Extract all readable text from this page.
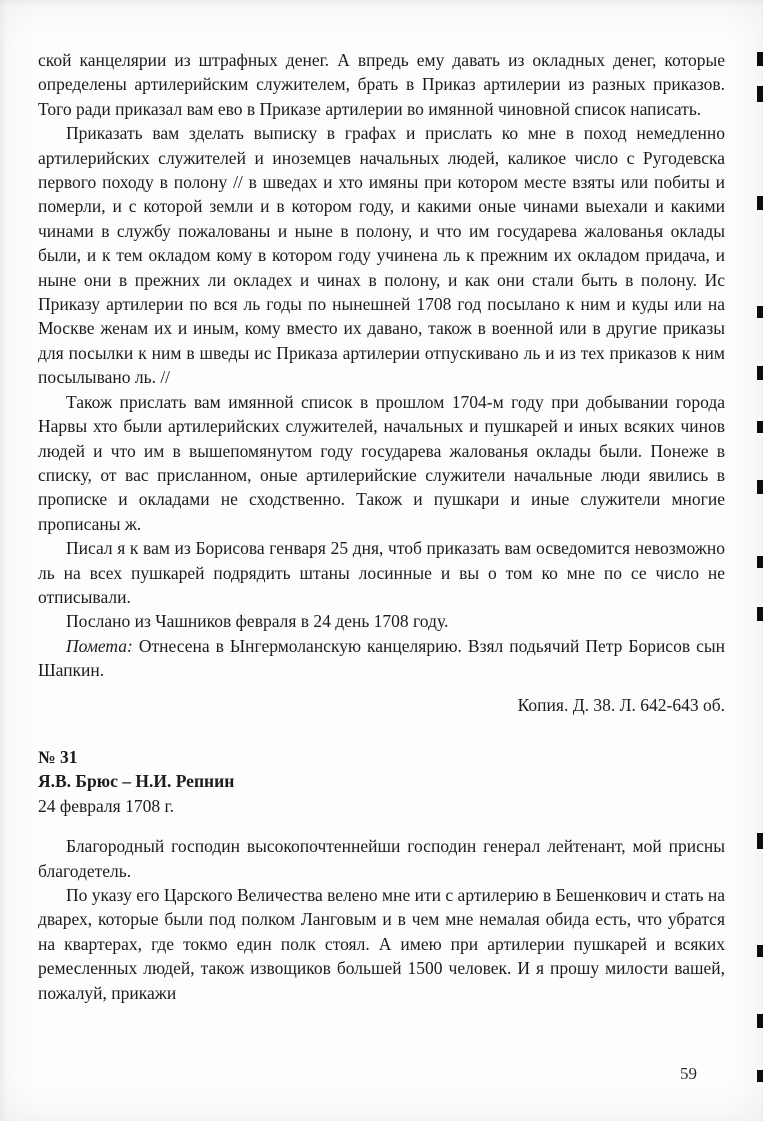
ской канцелярии из штрафных денег. А впредь ему давать из окладных денег, которые определены артилерийским служителем, брать в Приказ артилерии из разных приказов. Того ради приказал вам ево в Приказе артилерии во имянной чиновной список написать.

Приказать вам зделать выписку в графах и прислать ко мне в поход немедленно артилерийских служителей и иноземцев начальных людей, каликое число с Ругодевска первого походу в полону // в шведах и хто имяны при котором месте взяты или побиты и померли, и с которой земли и в котором году, и какими оные чинами выехали и какими чинами в службу пожалованы и ныне в полону, и что им государева жалованья оклады были, и к тем окладом кому в котором году учинена ль к прежним их окладом придача, и ныне они в прежних ли окладех и чинах в полону, и как они стали быть в полону. Ис Приказу артилерии по вся ль годы по нынешней 1708 год посылано к ним и куды или на Москве женам их и иным, кому вместо их давано, також в военной или в другие приказы для посылки к ним в шведы ис Приказа артилерии отпускивано ль и из тех приказов к ним посылывано ль. //

Також прислать вам имянной список в прошлом 1704-м году при добывании города Нарвы хто были артилерийских служителей, начальных и пушкарей и иных всяких чинов людей и что им в вышепомянутом году государева жалованья оклады были. Понеже в списку, от вас присланном, оные артилерийские служители начальные люди явились в прописке и окладами не сходственно. Також и пушкари и иные служители многие прописаны ж.

Писал я к вам из Борисова генваря 25 дня, чтоб приказать вам осведомится невозможно ль на всех пушкарей подрядить штаны лосинные и вы о том ко мне по се число не отписывали.

Послано из Чашников февраля в 24 день 1708 году.

Помета: Отнесена в Ынгермоланскую канцелярию. Взял подьячий Петр Борисов сын Шапкин.

Копия. Д. 38. Л. 642-643 об.

№ 31

Я.В. Брюс – Н.И. Репнин

24 февраля 1708 г.

Благородный господин высокопочтеннейши господин генерал лейтенант, мой присны благодетель.

По указу его Царского Величества велено мне ити с артилерию в Бешенкович и стать на дварех, которые были под полком Ланговым и в чем мне немалая обида есть, что убратся на квартерах, где токмо един полк стоял. А имею при артилерии пушкарей и всяких ремесленных людей, також извощиков большей 1500 человек. И я прошу милости вашей, пожалуй, прикажи

59
